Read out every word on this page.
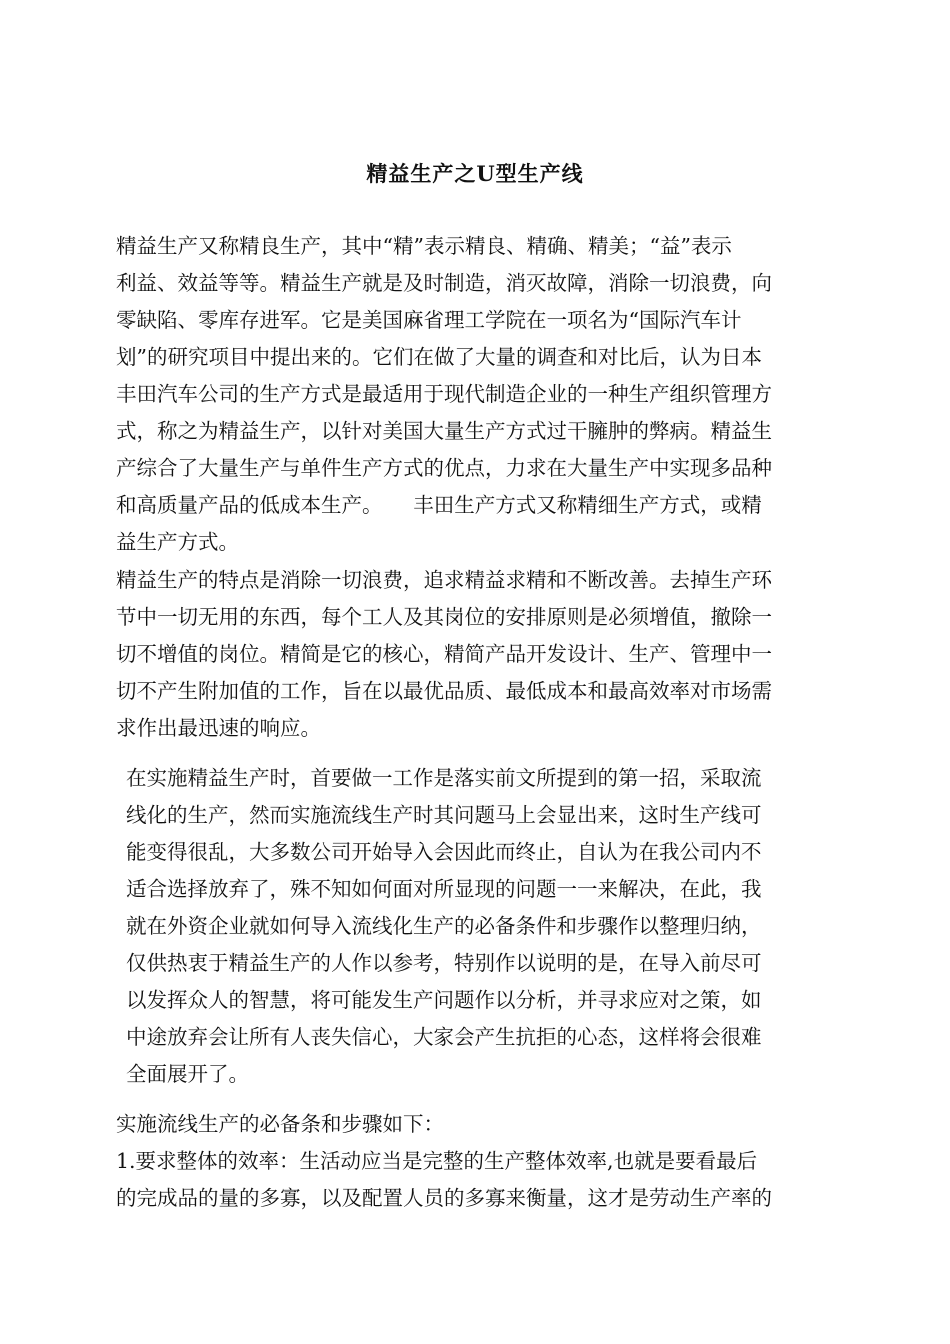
精益生产之U型生产线
精益生产又称精良生产，其中“精”表示精良、精确、精美；“益”表示
利益、效益等等。精益生产就是及时制造，消灭故障，消除一切浪费，向
零缺陷、零库存进军。它是美国麻省理工学院在一项名为“国际汽车计
划”的研究项目中提出来的。它们在做了大量的调查和对比后，认为日本
丰田汽车公司的生产方式是最适用于现代制造企业的一种生产组织管理方
式，称之为精益生产，以针对美国大量生产方式过干臃肿的弊病。精益生
产综合了大量生产与单件生产方式的优点，力求在大量生产中实现多品种
和高质量产品的低成本生产。　　丰田生产方式又称精细生产方式，或精
益生产方式。
精益生产的特点是消除一切浪费，追求精益求精和不断改善。去掉生产环
节中一切无用的东西，每个工人及其岗位的安排原则是必须增值，撤除一
切不增值的岗位。精简是它的核心，精简产品开发设计、生产、管理中一
切不产生附加值的工作，旨在以最优品质、最低成本和最高效率对市场需
求作出最迅速的响应。
在实施精益生产时，首要做一工作是落实前文所提到的第一招，采取流
线化的生产，然而实施流线生产时其问题马上会显出来，这时生产线可
能变得很乱，大多数公司开始导入会因此而终止，自认为在我公司内不
适合选择放弃了，殊不知如何面对所显现的问题一一来解决，在此，我
就在外资企业就如何导入流线化生产的必备条件和步骤作以整理归纳，
仅供热衷于精益生产的人作以参考，特别作以说明的是，在导入前尽可
以发挥众人的智慧，将可能发生产问题作以分析，并寻求应对之策，如
中途放弃会让所有人丧失信心，大家会产生抗拒的心态，这样将会很难
全面展开了。
实施流线生产的必备条和步骤如下：
1.要求整体的效率：生活动应当是完整的生产整体效率,也就是要看最后
的完成品的量的多寡，以及配置人员的多寡来衡量，这才是劳动生产率的
